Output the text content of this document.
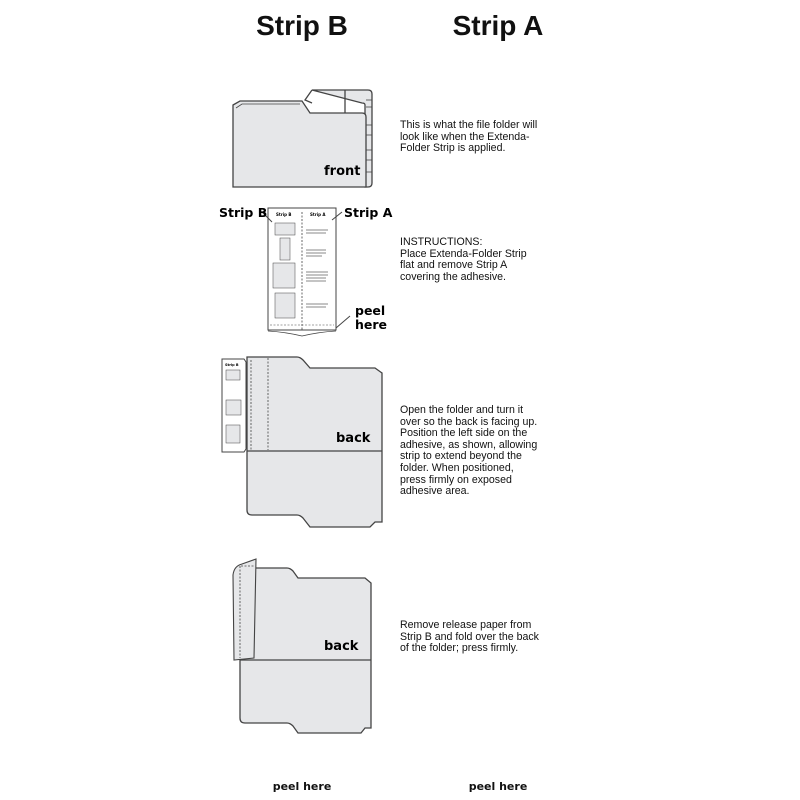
Strip B	Strip A
front
Strip B	Strip A
Strip B	Strip A
peel
here
Strip B
back
back
This is what the file folder will
look like when the Extenda-
Folder Strip is applied.
INSTRUCTIONS:
Place Extenda-Folder Strip
flat and remove Strip A
covering the adhesive.
Open the folder and turn it
over so the back is facing up.
Position the left side on the
adhesive, as shown, allowing
strip to extend beyond the
folder. When positioned,
press firmly on exposed
adhesive area.
Remove release paper from
Strip B and fold over the back
of the folder; press firmly.
peel here	peel here
